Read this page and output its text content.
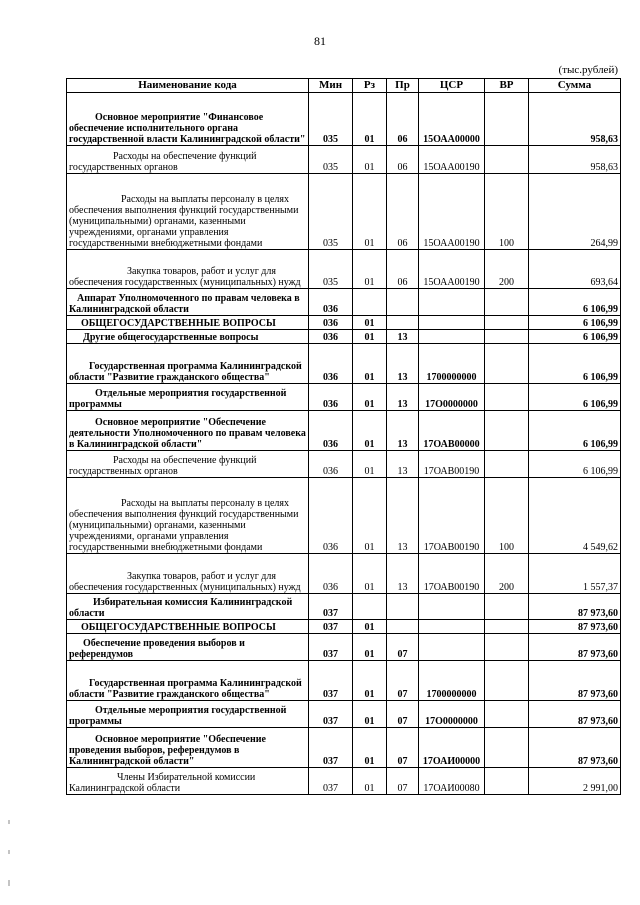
81
(тыс.рублей)
Наименование кода	Мин	Рз	Пр	ЦСР	ВР	Сумма
Основное мероприятие "Финансовое обеспечение исполнительного органа государственной власти Калининградской области"	035	01	06	15ОАА00000		958,63
Расходы на обеспечение функций государственных органов	035	01	06	15ОАА00190		958,63
Расходы на выплаты персоналу в целях обеспечения выполнения функций государственными (муниципальными) органами, казенными учреждениями, органами управления государственными внебюджетными фондами	035	01	06	15ОАА00190	100	264,99
Закупка товаров, работ и услуг для обеспечения государственных (муниципальных) нужд	035	01	06	15ОАА00190	200	693,64
Аппарат Уполномоченного по правам человека в Калининградской области	036					6 106,99
ОБЩЕГОСУДАРСТВЕННЫЕ ВОПРОСЫ	036	01				6 106,99
Другие общегосударственные вопросы	036	01	13			6 106,99
Государственная программа Калининградской области "Развитие гражданского общества"	036	01	13	1700000000		6 106,99
Отдельные мероприятия государственной программы	036	01	13	17О0000000		6 106,99
Основное мероприятие "Обеспечение деятельности Уполномоченного по правам человека в Калининградской области"	036	01	13	17ОАВ00000		6 106,99
Расходы на обеспечение функций государственных органов	036	01	13	17ОАВ00190		6 106,99
Расходы на выплаты персоналу в целях обеспечения выполнения функций государственными (муниципальными) органами, казенными учреждениями, органами управления государственными внебюджетными фондами	036	01	13	17ОАВ00190	100	4 549,62
Закупка товаров, работ и услуг для обеспечения государственных (муниципальных) нужд	036	01	13	17ОАВ00190	200	1 557,37
Избирательная комиссия Калининградской области	037					87 973,60
ОБЩЕГОСУДАРСТВЕННЫЕ ВОПРОСЫ	037	01				87 973,60
Обеспечение проведения выборов и референдумов	037	01	07			87 973,60
Государственная программа Калининградской области "Развитие гражданского общества"	037	01	07	1700000000		87 973,60
Отдельные мероприятия государственной программы	037	01	07	17О0000000		87 973,60
Основное мероприятие "Обеспечение проведения выборов, референдумов в Калининградской области"	037	01	07	17ОАИ00000		87 973,60
Члены Избирательной комиссии Калининградской области	037	01	07	17ОАИ00080		2 991,00
